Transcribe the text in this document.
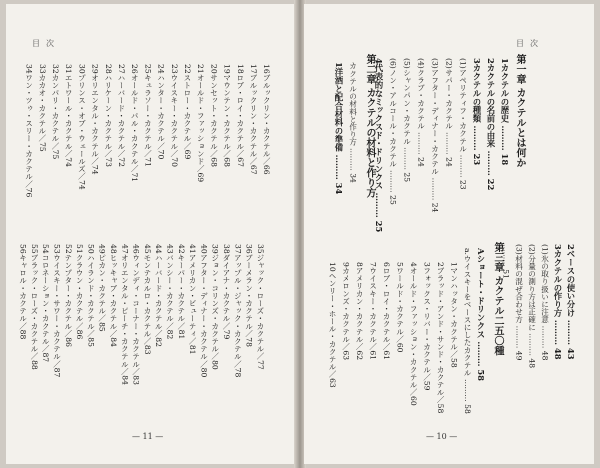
目次
34ワン・ツゥ・スリー・カクテル／76 33カカオ・カクテル／75 32カンパリ・カクテル／75 31エトワール・カクテル／74 30プリンス・オブ・ウェールズ／74 29オリエンタル・カクテル／74 28ハリケーン・カクテル／73 27ハーバード・カクテル／72 26オールド・パル・カクテル／71 25キュラソー・カクテル／71 24ハンター・カクテル／70 23ウイスキー・カクテル／70 22ストロー・カクテル／69 21オールド・ファッションド／69 20サンセット・カクテル／68 19マウンテン・カクテル／68 18ロブ・ロイ・カクテル／67 17ブルックリン・カクテル／67 16ブルックリン・カクテル／66
56キャロル・カクテル／88 55ブラック・ローズ・カクテル／88 54コロネーション・カクテル／87 53ウイスキー・サワー・カクテル／87 52テンプター・カクテル／86 51クラウン・カクテル／86 50ハイランド・カクテル／85 49ピカン・カクテル／85 48ヒッキャブ・カクテル／84 47オリエンタル・ピーチ・カクテル／84 46ウィンディ・コーナー・カクテル／83 45モンテカルロ・カクテル／83 44ハーバード・カクテル／82 43バンシー・カクテル／82 42キーパー・カクテル／81 41アメリカン・ビューティ／81 40アフター・ディナー・カクテル／80 39ジョン・コリンズ・カクテル／80 38ダイアナ・カクテル／79 37アップル・ジャック・カクテル／78 36ブーメラン・カクテル／78 35ジャック・ローズ・カクテル／77
— 11 —
目次
第一章 カクテルとは何か
1カクテルの歴史 ……… 18
2カクテルの名前の由来 ……… 22
3カクテルの種類 ……… 23
(1)アペリティフ・カクテル ……… 23
(2)サパー・カクテル ……… 24
(3)アフター・ディナー・カクテル ……… 24
(4)クラブ・カクテル ……… 24
(5)シャンパン・カクテル ……… 25
(6)ノン・アルコール・カクテル ……… 25
4代表的なミックスド・ドリンクス ……… 25
第二章 カクテルの材料と作り方
カクテルの材料と作り方 ……… 34
1洋酒と配合材料の準備 ……… 34
2ベースの使い分け ……… 43
3カクテルの作り方 ……… 48
(1)氷の取り扱いに注意 ……… 48
(2)分量の測り方は正確に ……… 48
(3)材料の混ぜ合わせ方 ……… 49
……… 51
第三章 カクテル二五〇種
Aショート・ドリンクス ……… 58
a.ウイスキーをベースにしたカクテル ……… 58
1マンハッタン・カクテル／58
2ブラッド・アンド・サンド・カクテル／58
3フォックス・リバー・カクテル／59
4オールド・ファッション・カクテル／60
5ワールド・カクテル／60
6ロブ・ロイ・カクテル／61
7ウイスキー・カクテル／61
8アメリカン・カクテル／62
9カメロンズ・カクテル／63
10ヘンリー・ホール・カクテル／63
— 10 —
